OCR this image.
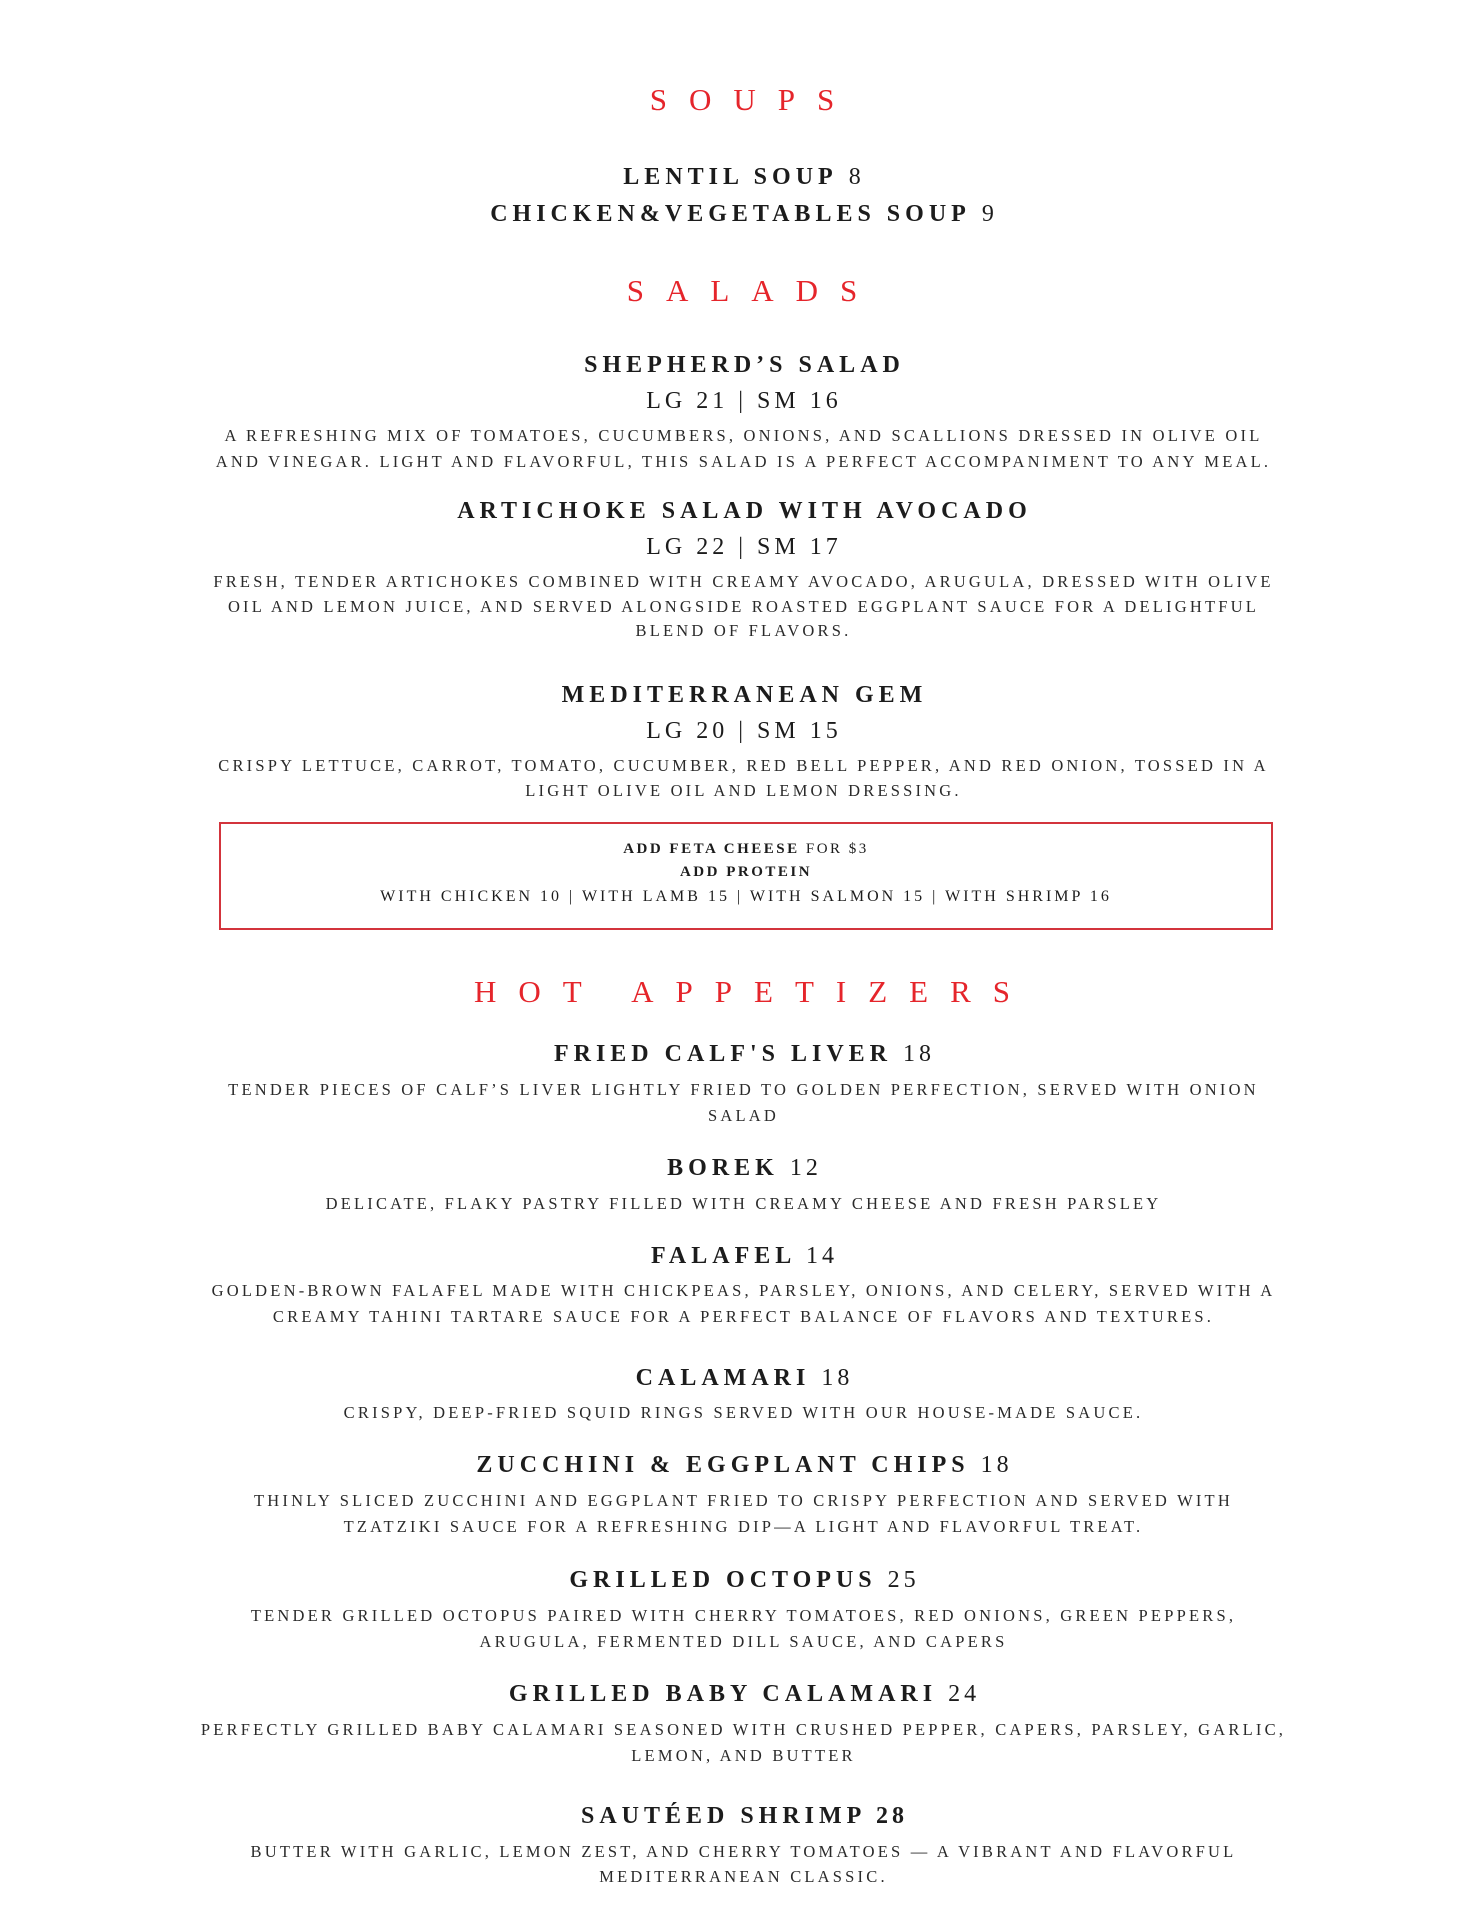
SOUPS
LENTIL SOUP 8
CHICKEN&VEGETABLES SOUP 9
SALADS
SHEPHERD’S SALAD
LG 21 | SM 16
A REFRESHING MIX OF TOMATOES, CUCUMBERS, ONIONS, AND SCALLIONS DRESSED IN OLIVE OIL
AND VINEGAR. LIGHT AND FLAVORFUL, THIS SALAD IS A PERFECT ACCOMPANIMENT TO ANY MEAL.
ARTICHOKE SALAD WITH AVOCADO
LG 22 | SM 17
FRESH, TENDER ARTICHOKES COMBINED WITH CREAMY AVOCADO, ARUGULA, DRESSED WITH OLIVE
OIL AND LEMON JUICE, AND SERVED ALONGSIDE ROASTED EGGPLANT SAUCE FOR A DELIGHTFUL
BLEND OF FLAVORS.
MEDITERRANEAN GEM
LG 20 | SM 15
CRISPY LETTUCE, CARROT, TOMATO, CUCUMBER, RED BELL PEPPER, AND RED ONION, TOSSED IN A
LIGHT OLIVE OIL AND LEMON DRESSING.
ADD FETA CHEESE FOR $3
ADD PROTEIN
WITH CHICKEN 10 | WITH LAMB 15 | WITH SALMON 15 | WITH SHRIMP 16
HOT APPETIZERS
FRIED CALF'S LIVER 18
TENDER PIECES OF CALF’S LIVER LIGHTLY FRIED TO GOLDEN PERFECTION, SERVED WITH ONION
SALAD
BOREK 12
DELICATE, FLAKY PASTRY FILLED WITH CREAMY CHEESE AND FRESH PARSLEY
FALAFEL 14
GOLDEN-BROWN FALAFEL MADE WITH CHICKPEAS, PARSLEY, ONIONS, AND CELERY, SERVED WITH A
CREAMY TAHINI TARTARE SAUCE FOR A PERFECT BALANCE OF FLAVORS AND TEXTURES.
CALAMARI 18
CRISPY, DEEP-FRIED SQUID RINGS SERVED WITH OUR HOUSE-MADE SAUCE.
ZUCCHINI & EGGPLANT CHIPS 18
THINLY SLICED ZUCCHINI AND EGGPLANT FRIED TO CRISPY PERFECTION AND SERVED WITH
TZATZIKI SAUCE FOR A REFRESHING DIP—A LIGHT AND FLAVORFUL TREAT.
GRILLED OCTOPUS 25
TENDER GRILLED OCTOPUS PAIRED WITH CHERRY TOMATOES, RED ONIONS, GREEN PEPPERS,
ARUGULA, FERMENTED DILL SAUCE, AND CAPERS
GRILLED BABY CALAMARI 24
PERFECTLY GRILLED BABY CALAMARI SEASONED WITH CRUSHED PEPPER, CAPERS, PARSLEY, GARLIC,
LEMON, AND BUTTER
SAUTÉED SHRIMP 28
BUTTER WITH GARLIC, LEMON ZEST, AND CHERRY TOMATOES — A VIBRANT AND FLAVORFUL
MEDITERRANEAN CLASSIC.
